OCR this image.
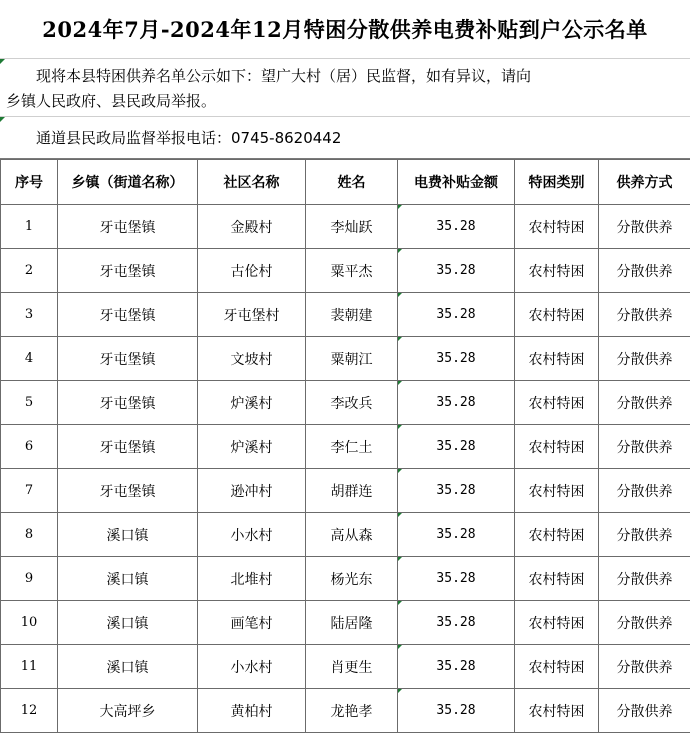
2024年7月-2024年12月特困分散供养电费补贴到户公示名单
现将本县特困供养名单公示如下：望广大村（居）民监督，如有异议，请向
乡镇人民政府、县民政局举报。
通道县民政局监督举报电话：0745-8620442
序号	乡镇（街道名称）	社区名称	姓名	电费补贴金额	特困类别	供养方式
1	牙屯堡镇	金殿村	李灿跃	35.28	农村特困	分散供养
2	牙屯堡镇	古伦村	粟平杰	35.28	农村特困	分散供养
3	牙屯堡镇	牙屯堡村	裴朝建	35.28	农村特困	分散供养
4	牙屯堡镇	文坡村	粟朝江	35.28	农村特困	分散供养
5	牙屯堡镇	炉溪村	李改兵	35.28	农村特困	分散供养
6	牙屯堡镇	炉溪村	李仁土	35.28	农村特困	分散供养
7	牙屯堡镇	逊冲村	胡群连	35.28	农村特困	分散供养
8	溪口镇	小水村	高从森	35.28	农村特困	分散供养
9	溪口镇	北堆村	杨光东	35.28	农村特困	分散供养
10	溪口镇	画笔村	陆居隆	35.28	农村特困	分散供养
11	溪口镇	小水村	肖更生	35.28	农村特困	分散供养
12	大高坪乡	黄柏村	龙艳孝	35.28	农村特困	分散供养
